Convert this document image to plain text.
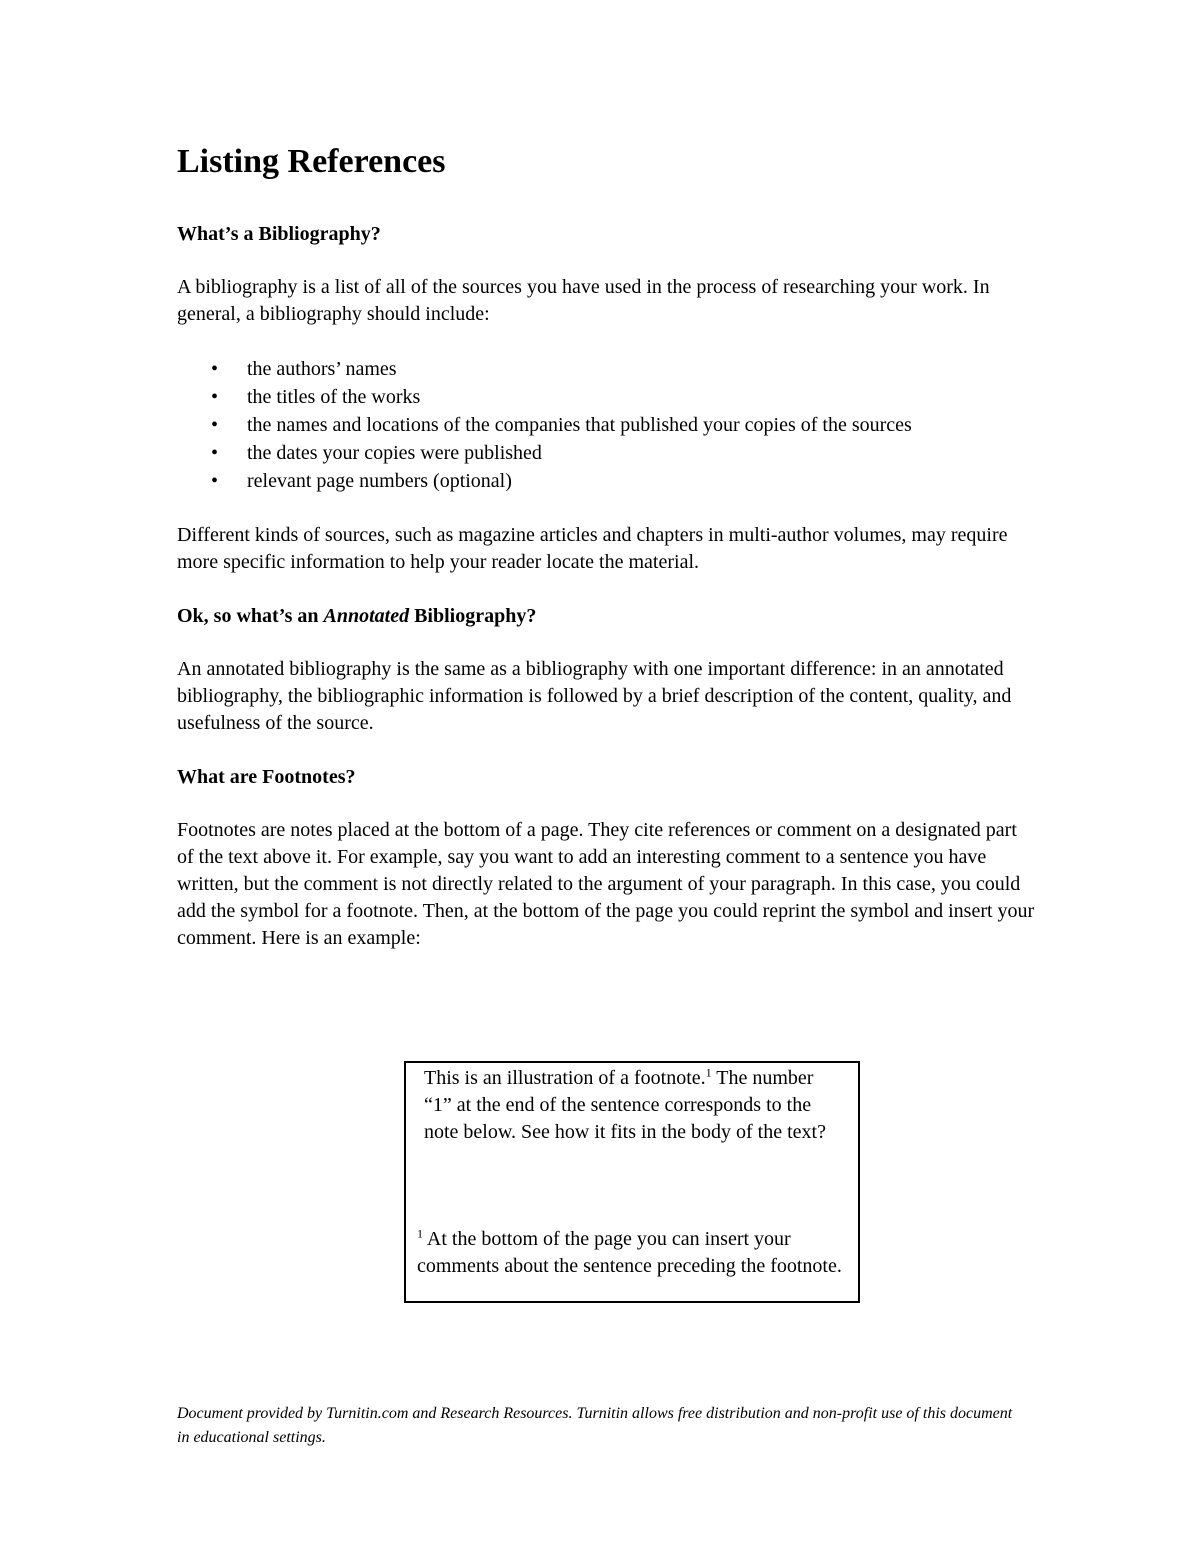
Listing References
What’s a Bibliography?

A bibliography is a list of all of the sources you have used in the process of researching your work. In general, a bibliography should include:

• the authors’ names
• the titles of the works
• the names and locations of the companies that published your copies of the sources
• the dates your copies were published
• relevant page numbers (optional)

Different kinds of sources, such as magazine articles and chapters in multi-author volumes, may require more specific information to help your reader locate the material.

Ok, so what’s an Annotated Bibliography?

An annotated bibliography is the same as a bibliography with one important difference: in an annotated bibliography, the bibliographic information is followed by a brief description of the content, quality, and usefulness of the source.

What are Footnotes?

Footnotes are notes placed at the bottom of a page. They cite references or comment on a designated part of the text above it. For example, say you want to add an interesting comment to a sentence you have written, but the comment is not directly related to the argument of your paragraph. In this case, you could add the symbol for a footnote. Then, at the bottom of the page you could reprint the symbol and insert your comment. Here is an example:

This is an illustration of a footnote.$^1$ The number “1” at the end of the sentence corresponds to the note below. See how it fits in the body of the text?
$^1$ At the bottom of the page you can insert your comments about the sentence preceding the footnote.
Document provided by Turnitin.com and Research Resources. Turnitin allows free distribution and non-profit use of this document in educational settings.
